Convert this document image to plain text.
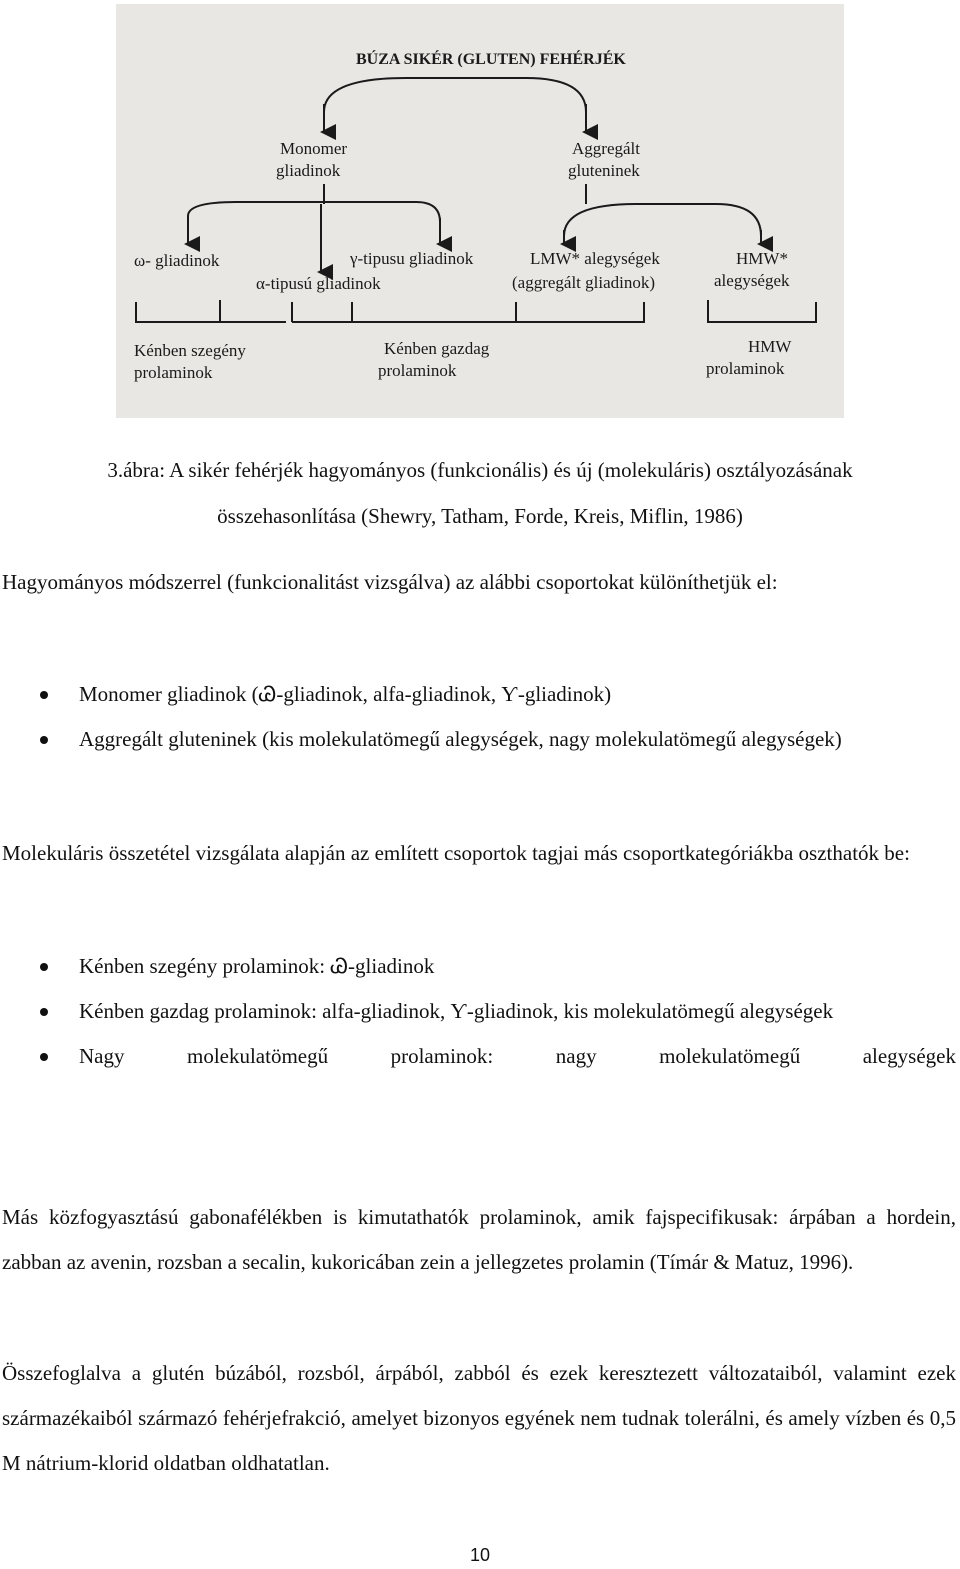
BÚZA SIKÉR (GLUTEN) FEHÉRJÉK
Monomer
gliadinok
Aggregált
gluteninek
ω- gliadinok	γ-tipusu gliadinok
α-tipusú gliadinok
LMW* alegységek
(aggregált gliadinok)
HMW*
alegységek
Kénben szegény
prolaminok
Kénben gazdag
prolaminok
HMW
prolaminok
3.ábra: A sikér fehérjék hagyományos (funkcionális) és új (molekuláris) osztályozásának
összehasonlítása (Shewry, Tatham, Forde, Kreis, Miflin, 1986)
Hagyományos módszerrel (funkcionalitást vizsgálva) az alábbi csoportokat különíthetjük el:
Monomer gliadinok (Ꮚ-gliadinok, alfa-gliadinok, Ƴ-gliadinok)
Aggregált gluteninek (kis molekulatömegű alegységek, nagy molekulatömegű alegységek)
Molekuláris összetétel vizsgálata alapján az említett csoportok tagjai más csoportkategóriákba oszthatók be:
Kénben szegény prolaminok: Ꮚ-gliadinok
Kénben gazdag prolaminok: alfa-gliadinok, Ƴ-gliadinok, kis molekulatömegű alegységek
Nagy molekulatömegű prolaminok: nagy molekulatömegű alegységek
Más közfogyasztású gabonafélékben is kimutathatók prolaminok, amik fajspecifikusak: árpában a hordein, zabban az avenin, rozsban a secalin, kukoricában zein a jellegzetes prolamin (Tímár & Matuz, 1996).
Összefoglalva a glutén búzából, rozsból, árpából, zabból és ezek keresztezett változataiból, valamint ezek származékaiból származó fehérjefrakció, amelyet bizonyos egyének nem tudnak tolerálni, és amely vízben és 0,5 M nátrium-klorid oldatban oldhatatlan.
10
